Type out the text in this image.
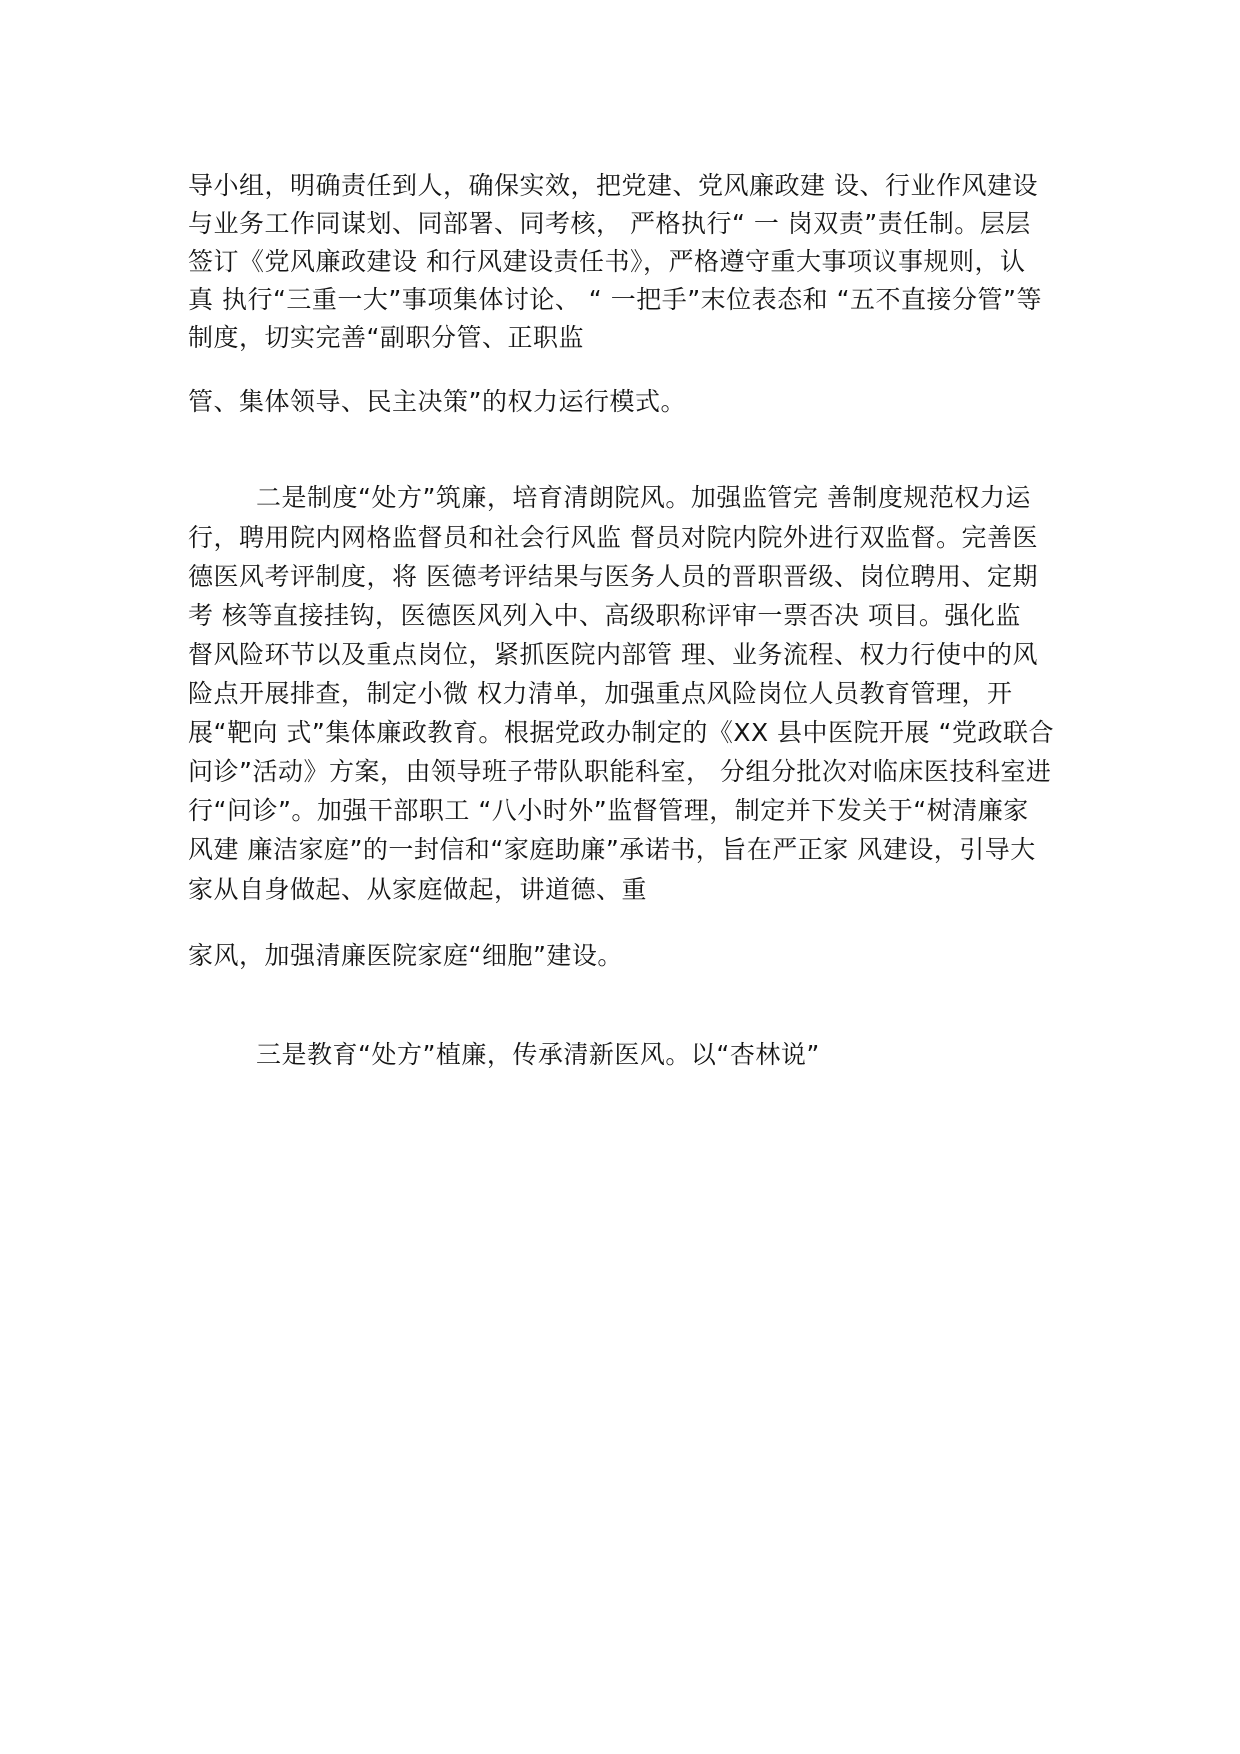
导小组，明确责任到人，确保实效，把党建、党风廉政建 设、行业作风建设
与业务工作同谋划、同部署、同考核， 严格执行“ 一 岗双责”责任制。层层
签订《党风廉政建设 和行风建设责任书》，严格遵守重大事项议事规则，认
真 执行“三重一大”事项集体讨论、 “ 一把手”末位表态和 “五不直接分管”等
制度，切实完善“副职分管、正职监
管、集体领导、民主决策”的权力运行模式。
二是制度“处方”筑廉，培育清朗院风。加强监管完 善制度规范权力运
行，聘用院内网格监督员和社会行风监 督员对院内院外进行双监督。完善医
德医风考评制度，将 医德考评结果与医务人员的晋职晋级、岗位聘用、定期
考 核等直接挂钩，医德医风列入中、高级职称评审一票否决 项目。强化监
督风险环节以及重点岗位，紧抓医院内部管 理、业务流程、权力行使中的风
险点开展排查，制定小微 权力清单，加强重点风险岗位人员教育管理，开
展“靶向 式”集体廉政教育。根据党政办制定的《XX 县中医院开展 “党政联合
问诊”活动》方案，由领导班子带队职能科室， 分组分批次对临床医技科室进
行“问诊”。加强干部职工 “八小时外”监督管理，制定并下发关于“树清廉家
风建 廉洁家庭”的一封信和“家庭助廉”承诺书，旨在严正家 风建设，引导大
家从自身做起、从家庭做起，讲道德、重
家风，加强清廉医院家庭“细胞”建设。
三是教育“处方”植廉，传承清新医风。以“杏林说”
